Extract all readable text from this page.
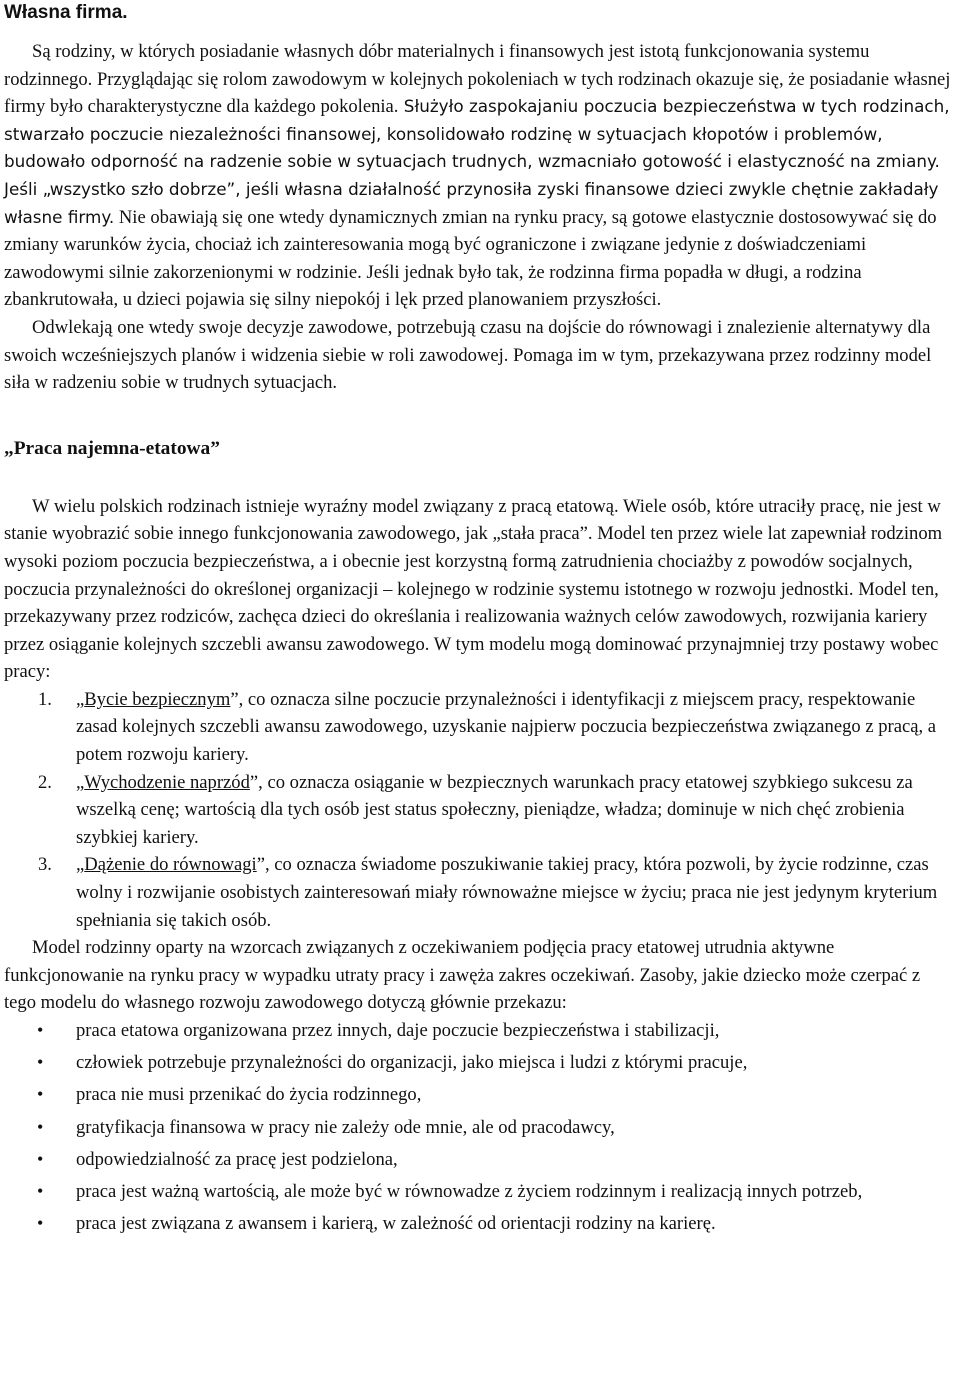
Własna firma.

Są rodziny, w których posiadanie własnych dóbr materialnych i finansowych jest istotą funkcjonowania systemu rodzinnego. Przyglądając się rolom zawodowym w kolejnych pokoleniach w tych rodzinach okazuje się, że posiadanie własnej firmy było charakterystyczne dla każdego pokolenia. Służyło zaspokajaniu poczucia bezpieczeństwa w tych rodzinach, stwarzało poczucie niezależności finansowej, konsolidowało rodzinę w sytuacjach kłopotów i problemów, budowało odporność na radzenie sobie w sytuacjach trudnych, wzmacniało gotowość i elastyczność na zmiany. Jeśli „wszystko szło dobrze”, jeśli własna działalność przynosiła zyski finansowe dzieci zwykle chętnie zakładały własne firmy. Nie obawiają się one wtedy dynamicznych zmian na rynku pracy, są gotowe elastycznie dostosowywać się do zmiany warunków życia, chociaż ich zainteresowania mogą być ograniczone i związane jedynie z doświadczeniami zawodowymi silnie zakorzenionymi w rodzinie. Jeśli jednak było tak, że rodzinna firma popadła w długi, a rodzina zbankrutowała, u dzieci pojawia się silny niepokój i lęk przed planowaniem przyszłości.

Odwlekają one wtedy swoje decyzje zawodowe, potrzebują czasu na dojście do równowagi i znalezienie alternatywy dla swoich wcześniejszych planów i widzenia siebie w roli zawodowej. Pomaga im w tym, przekazywana przez rodzinny model siła w radzeniu sobie w trudnych sytuacjach.

„Praca najemna-etatowa”

W wielu polskich rodzinach istnieje wyraźny model związany z pracą etatową. Wiele osób, które utraciły pracę, nie jest w stanie wyobrazić sobie innego funkcjonowania zawodowego, jak „stała praca”. Model ten przez wiele lat zapewniał rodzinom wysoki poziom poczucia bezpieczeństwa, a i obecnie jest korzystną formą zatrudnienia chociażby z powodów socjalnych, poczucia przynależności do określonej organizacji – kolejnego w rodzinie systemu istotnego w rozwoju jednostki. Model ten, przekazywany przez rodziców, zachęca dzieci do określania i realizowania ważnych celów zawodowych, rozwijania kariery przez osiąganie kolejnych szczebli awansu zawodowego. W tym modelu mogą dominować przynajmniej trzy postawy wobec pracy:

1. „Bycie bezpiecznym”, co oznacza silne poczucie przynależności i identyfikacji z miejscem pracy, respektowanie zasad kolejnych szczebli awansu zawodowego, uzyskanie najpierw poczucia bezpieczeństwa związanego z pracą, a potem rozwoju kariery.
2. „Wychodzenie naprzód”, co oznacza osiąganie w bezpiecznych warunkach pracy etatowej szybkiego sukcesu za wszelką cenę; wartością dla tych osób jest status społeczny, pieniądze, władza; dominuje w nich chęć zrobienia szybkiej kariery.
3. „Dążenie do równowagi”, co oznacza świadome poszukiwanie takiej pracy, która pozwoli, by życie rodzinne, czas wolny i rozwijanie osobistych zainteresowań miały równoważne miejsce w życiu; praca nie jest jedynym kryterium spełniania się takich osób.

Model rodzinny oparty na wzorcach związanych z oczekiwaniem podjęcia pracy etatowej utrudnia aktywne funkcjonowanie na rynku pracy w wypadku utraty pracy i zawęża zakres oczekiwań. Zasoby, jakie dziecko może czerpać z tego modelu do własnego rozwoju zawodowego dotyczą głównie przekazu:

• praca etatowa organizowana przez innych, daje poczucie bezpieczeństwa i stabilizacji,
• człowiek potrzebuje przynależności do organizacji, jako miejsca i ludzi z którymi pracuje,
• praca nie musi przenikać do życia rodzinnego,
• gratyfikacja finansowa w pracy nie zależy ode mnie, ale od pracodawcy,
• odpowiedzialność za pracę jest podzielona,
• praca jest ważną wartością, ale może być w równowadze z życiem rodzinnym i realizacją innych potrzeb,
• praca jest związana z awansem i karierą, w zależność od orientacji rodziny na karierę.
